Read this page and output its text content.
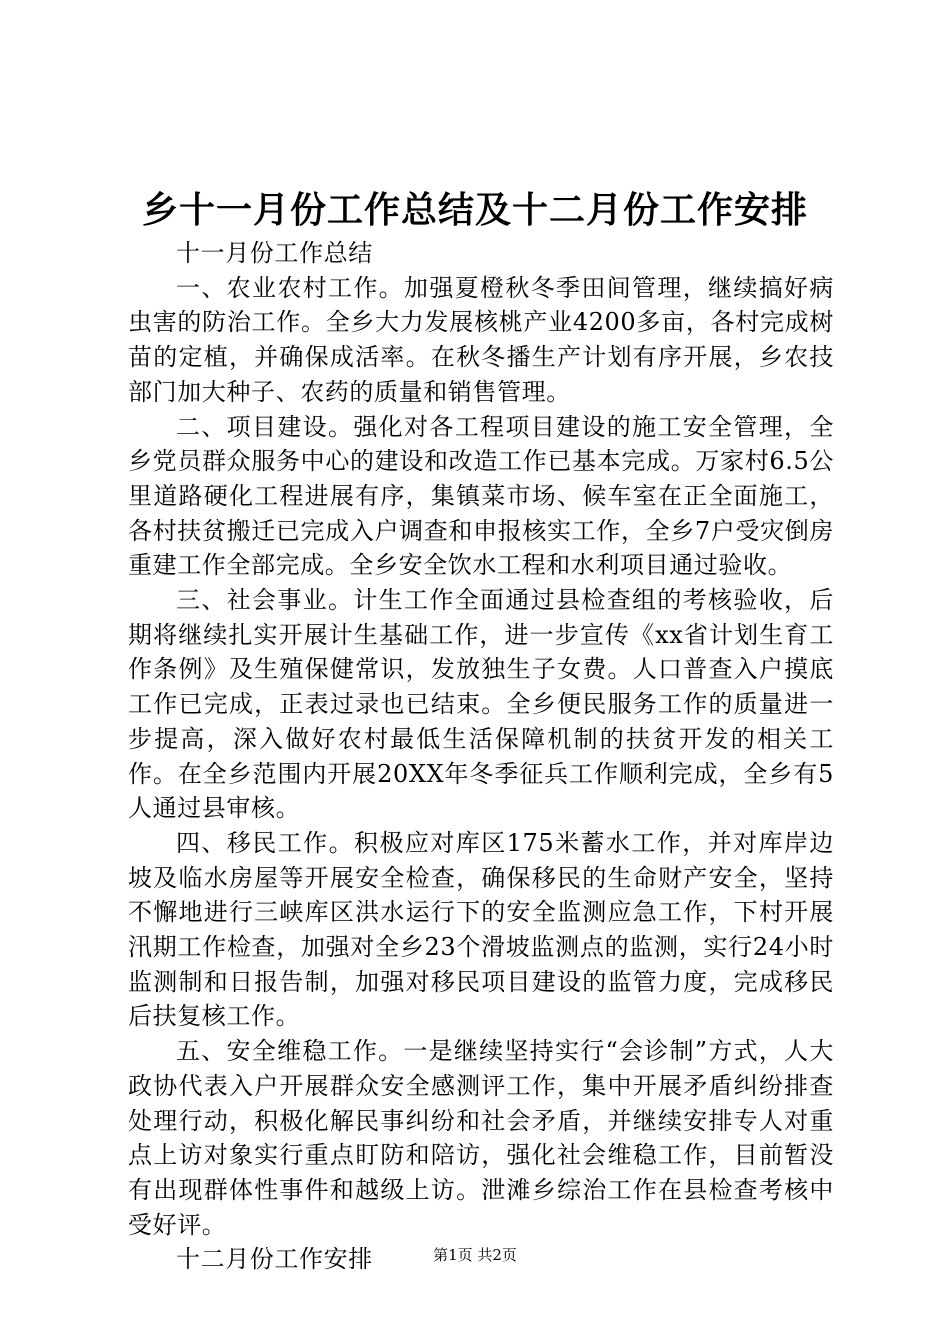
乡十一月份工作总结及十二月份工作安排

十一月份工作总结

一、农业农村工作。加强夏橙秋冬季田间管理，继续搞好病虫害的防治工作。全乡大力发展核桃产业4200多亩，各村完成树苗的定植，并确保成活率。在秋冬播生产计划有序开展，乡农技部门加大种子、农药的质量和销售管理。

二、项目建设。强化对各工程项目建设的施工安全管理，全乡党员群众服务中心的建设和改造工作已基本完成。万家村6.5公里道路硬化工程进展有序，集镇菜市场、候车室在正全面施工，各村扶贫搬迁已完成入户调查和申报核实工作，全乡7户受灾倒房重建工作全部完成。全乡安全饮水工程和水利项目通过验收。

三、社会事业。计生工作全面通过县检查组的考核验收，后期将继续扎实开展计生基础工作，进一步宣传《xx省计划生育工作条例》及生殖保健常识，发放独生子女费。人口普查入户摸底工作已完成，正表过录也已结束。全乡便民服务工作的质量进一步提高，深入做好农村最低生活保障机制的扶贫开发的相关工作。在全乡范围内开展20XX年冬季征兵工作顺利完成，全乡有5人通过县审核。

四、移民工作。积极应对库区175米蓄水工作，并对库岸边坡及临水房屋等开展安全检查，确保移民的生命财产安全，坚持不懈地进行三峡库区洪水运行下的安全监测应急工作，下村开展汛期工作检查，加强对全乡23个滑坡监测点的监测，实行24小时监测制和日报告制，加强对移民项目建设的监管力度，完成移民后扶复核工作。

五、安全维稳工作。一是继续坚持实行“会诊制”方式，人大政协代表入户开展群众安全感测评工作，集中开展矛盾纠纷排查处理行动，积极化解民事纠纷和社会矛盾，并继续安排专人对重点上访对象实行重点盯防和陪访，强化社会维稳工作，目前暂没有出现群体性事件和越级上访。泄滩乡综治工作在县检查考核中受好评。

十二月份工作安排	第1页 共2页
